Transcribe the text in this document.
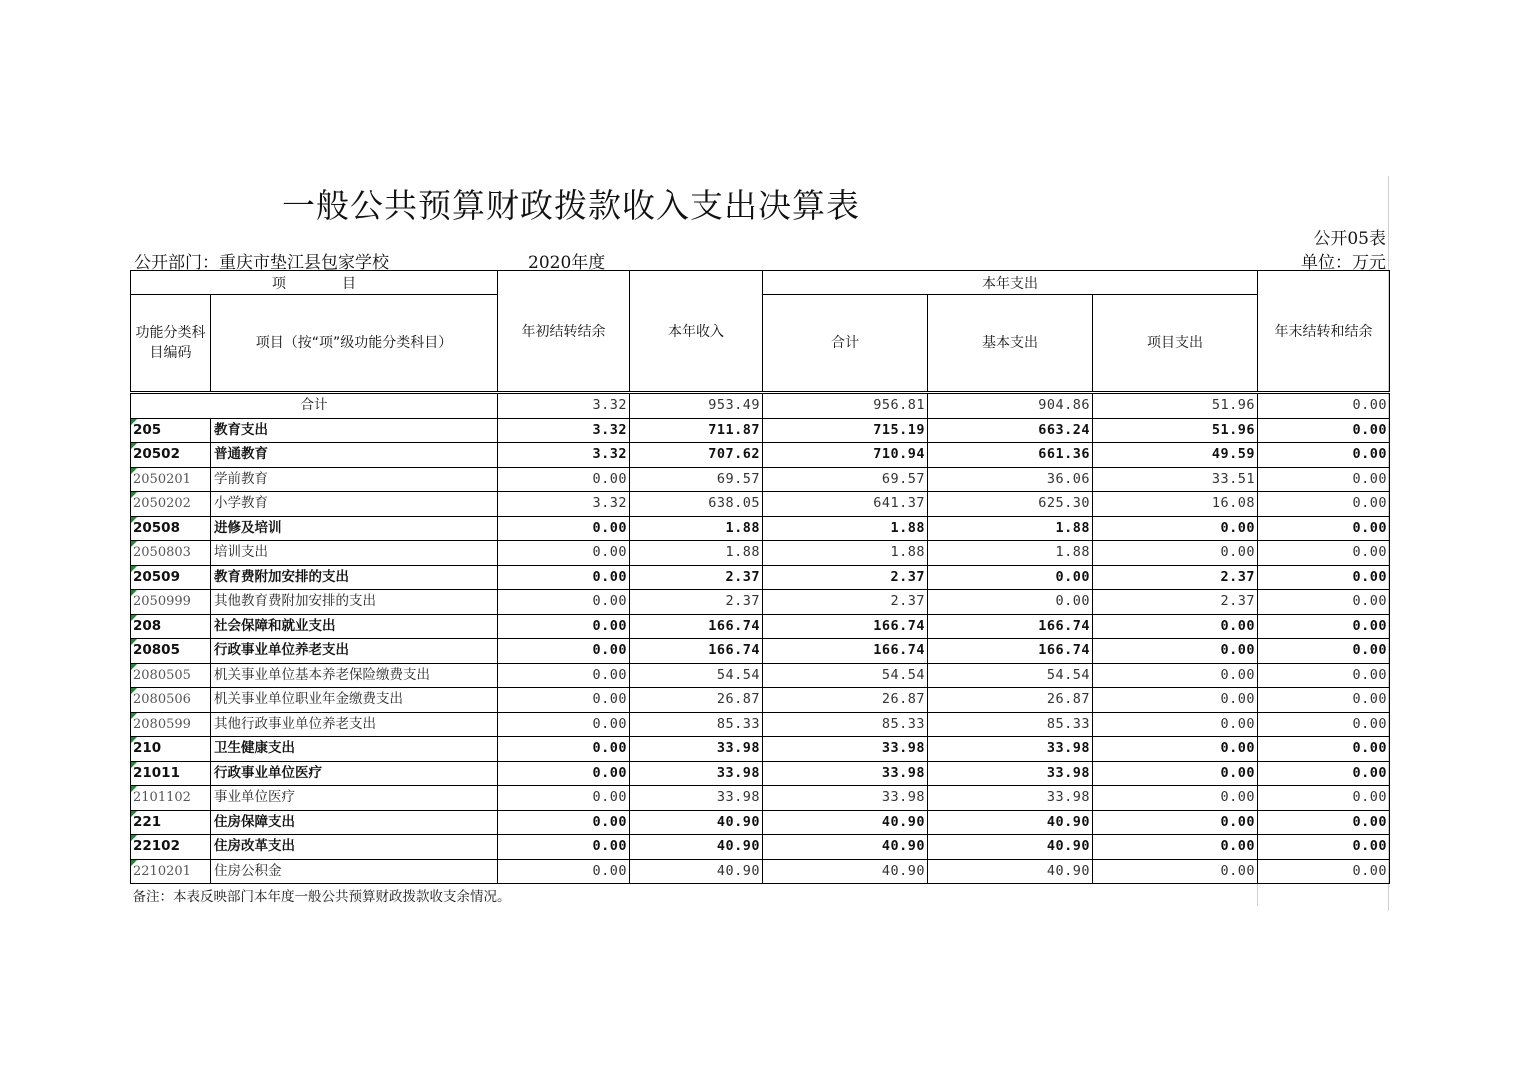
一般公共预算财政拨款收入支出决算表
公开05表
公开部门：重庆市垫江县包家学校	2020年度	单位：万元
项　　　　目		年初结转结余	本年收入	本年支出			年末结转和结余
功能分类科目编码	项目（按“项”级功能分类科目）			合计	基本支出	项目支出	

合计		3.32	953.49	956.81	904.86	51.96	0.00

205	教育支出	3.32	711.87	715.19	663.24	51.96	0.00

20502	普通教育	3.32	707.62	710.94	661.36	49.59	0.00

2050201	学前教育	0.00	69.57	69.57	36.06	33.51	0.00

2050202	小学教育	3.32	638.05	641.37	625.30	16.08	0.00

20508	进修及培训	0.00	1.88	1.88	1.88	0.00	0.00

2050803	培训支出	0.00	1.88	1.88	1.88	0.00	0.00

20509	教育费附加安排的支出	0.00	2.37	2.37	0.00	2.37	0.00

2050999	其他教育费附加安排的支出	0.00	2.37	2.37	0.00	2.37	0.00

208	社会保障和就业支出	0.00	166.74	166.74	166.74	0.00	0.00

20805	行政事业单位养老支出	0.00	166.74	166.74	166.74	0.00	0.00

2080505	机关事业单位基本养老保险缴费支出	0.00	54.54	54.54	54.54	0.00	0.00

2080506	机关事业单位职业年金缴费支出	0.00	26.87	26.87	26.87	0.00	0.00

2080599	其他行政事业单位养老支出	0.00	85.33	85.33	85.33	0.00	0.00

210	卫生健康支出	0.00	33.98	33.98	33.98	0.00	0.00

21011	行政事业单位医疗	0.00	33.98	33.98	33.98	0.00	0.00

2101102	事业单位医疗	0.00	33.98	33.98	33.98	0.00	0.00

221	住房保障支出	0.00	40.90	40.90	40.90	0.00	0.00

22102	住房改革支出	0.00	40.90	40.90	40.90	0.00	0.00

2210201	住房公积金	0.00	40.90	40.90	40.90	0.00	0.00
备注：本表反映部门本年度一般公共预算财政拨款收支余情况。							
